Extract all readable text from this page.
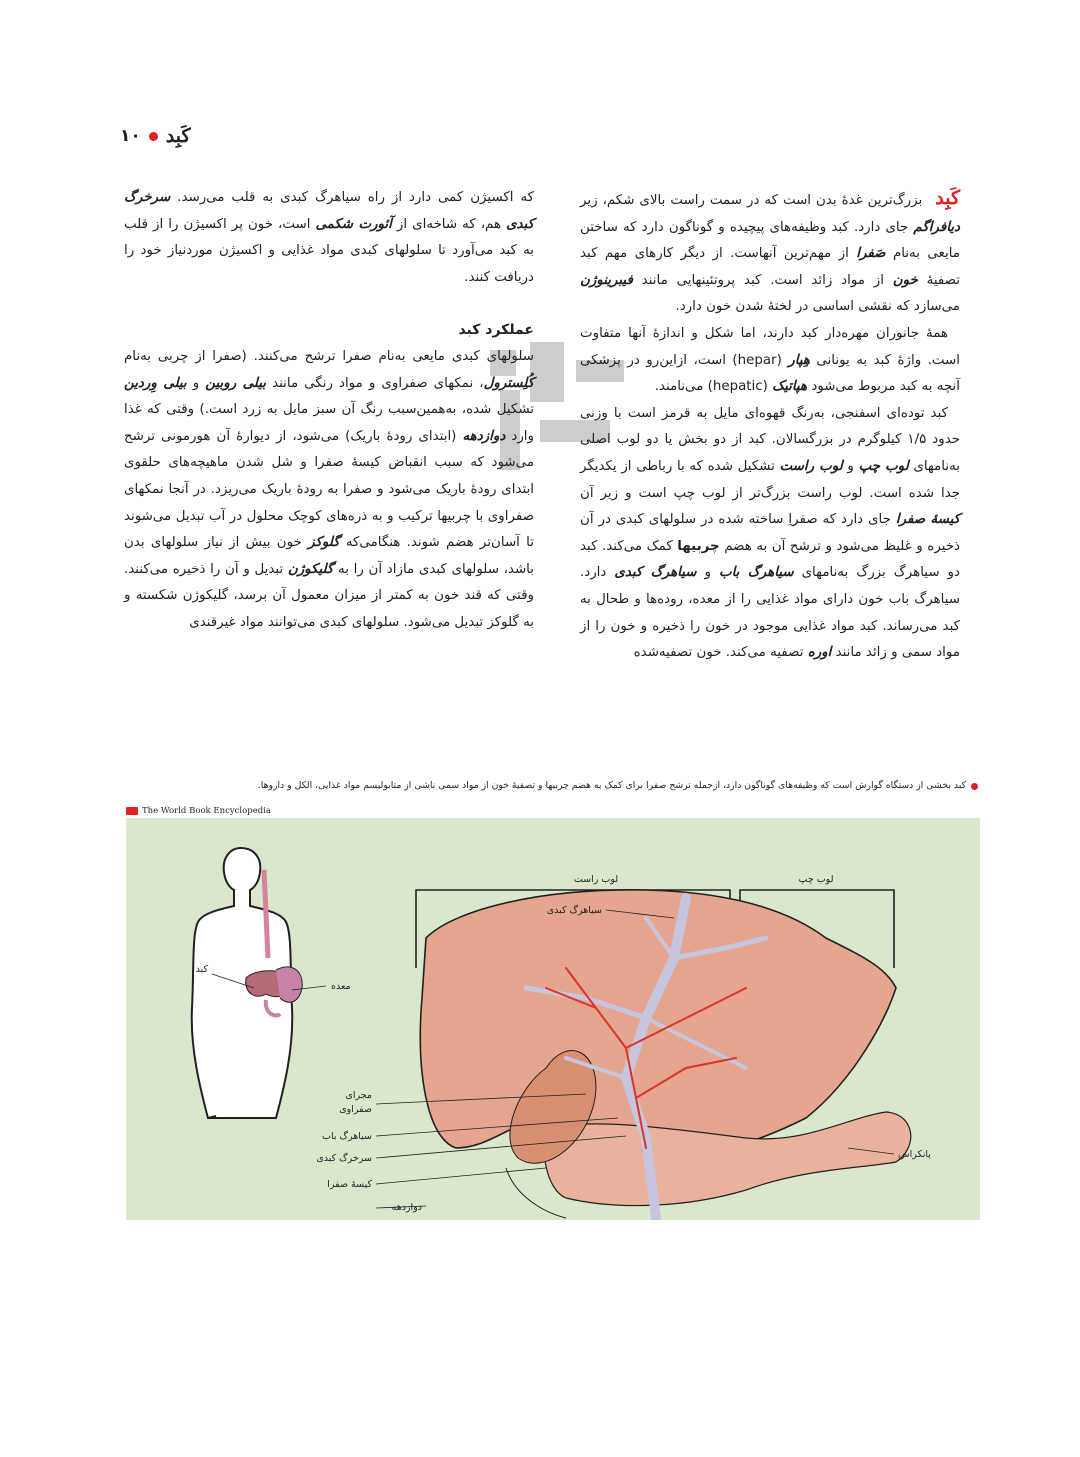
۱۰ کَبِد

کَبِد بزرگ‌ترین غدهٔ بدن است که در سمت راست بالای شکم، زیر دیافراگم جای دارد. کبد وظیفه‌های پیچیده و گوناگون دارد که ساختن مایعی به‌نام صَفرا از مهم‌ترین آنهاست. از دیگر کارهای مهم کبد تصفیهٔ خون از مواد زائد است. کبد پروتئینهایی مانند فیبرینوژن می‌سازد که نقشی اساسی در لختهٔ شدن خون دارد.

همهٔ جانوران مهره‌دار کبد دارند، اما شکل و اندازهٔ آنها متفاوت است. واژهٔ کبد به یونانی هِپار (hepar) است، ازاین‌رو در پزشکی آنچه به کبد مربوط می‌شود هپاتیک (hepatic) می‌نامند.

کبد توده‌ای اسفنجی، به‌رنگ قهوه‌ای مایل به قرمز است با وزنی حدود ۱/۵ کیلوگرم در بزرگسالان. کبد از دو بخش یا دو لوب اصلی به‌نامهای لوب چپ و لوب راست تشکیل شده که با رباطی از یکدیگر جدا شده است. لوب راست بزرگ‌تر از لوب چپ است و زیر آن کیسهٔ صفرا جای دارد که صفراِ ساخته شده در سلولهای کبدی در آن ذخیره و غلیظ می‌شود و ترشح آن به هضم چربیها کمک می‌کند. کبد دو سیاهرگ بزرگ به‌نامهای سیاهرگ باب و سیاهرگ کبدی دارد. سیاهرگ باب خون دارای مواد غذایی را از معده، روده‌ها و طحال به کبد می‌رساند. کبد مواد غذایی موجود در خون را ذخیره و خون را از مواد سمی و زائد مانند اوره تصفیه می‌کند. خون تصفیه‌شده

که اکسیژن کمی دارد از راه سیاهرگ کبدی به قلب می‌رسد. سرخرگ کبدی هم، که شاخه‌ای از آئورت شکمی است، خون پر اکسیژن را از قلب به کبد می‌آورد تا سلولهای کبدی مواد غذایی و اکسیژن موردنیاز خود را دریافت کنند.

عملکرد کبد

سلولهای کبدی مایعی به‌نام صفرا ترشح می‌کنند. (صفرا از چربی به‌نام کُلِسترول، نمکهای صفراوی و مواد رنگی مانند بیلی روبین و بیلی وِردین تشکیل شده، به‌همین‌سبب رنگ آن سبز مایل به زرد است.) وقتی که غذا وارد دوازدهه (ابتدای رودهٔ باریک) می‌شود، از دیوارهٔ آن هورمونی ترشح می‌شود که سبب انقباض کیسهٔ صفرا و شل شدن ماهیچه‌های حلقوی ابتدای رودهٔ باریک می‌شود و صفرا به رودهٔ باریک می‌ریزد. در آنجا نمکهای صفراوی با چربیها ترکیب و به ذره‌های کوچک محلول در آب تبدیل می‌شوند تا آسان‌تر هضم شوند. هنگامی‌که گلوکز خون بیش از نیاز سلولهای بدن باشد، سلولهای کبدی مازاد آن را به گلیکوژن تبدیل و آن را ذخیره می‌کنند. وقتی که قند خون به کمتر از میزان معمول آن برسد، گلیکوژن شکسته و به گلوکز تبدیل می‌شود. سلولهای کبدی می‌توانند مواد غیرقندی

کبد بخشی از دستگاه گوارش است که وظیفه‌های گوناگون دارد، از‌جمله ترشح صفرا برای کمک به هضم چربیها و تصفیهٔ خون از مواد سمی ناشی از متابولیسم مواد غذایی، الکل و داروها.
The World Book Encyclopedia
کبد
معده
لوب راست	لوب چپ
سیاهرگ کبدی
مجرای
صفراوی
سیاهرگ باب
سرخرگ کبدی
کیسهٔ صفرا
پانکراس
دوازدهه
